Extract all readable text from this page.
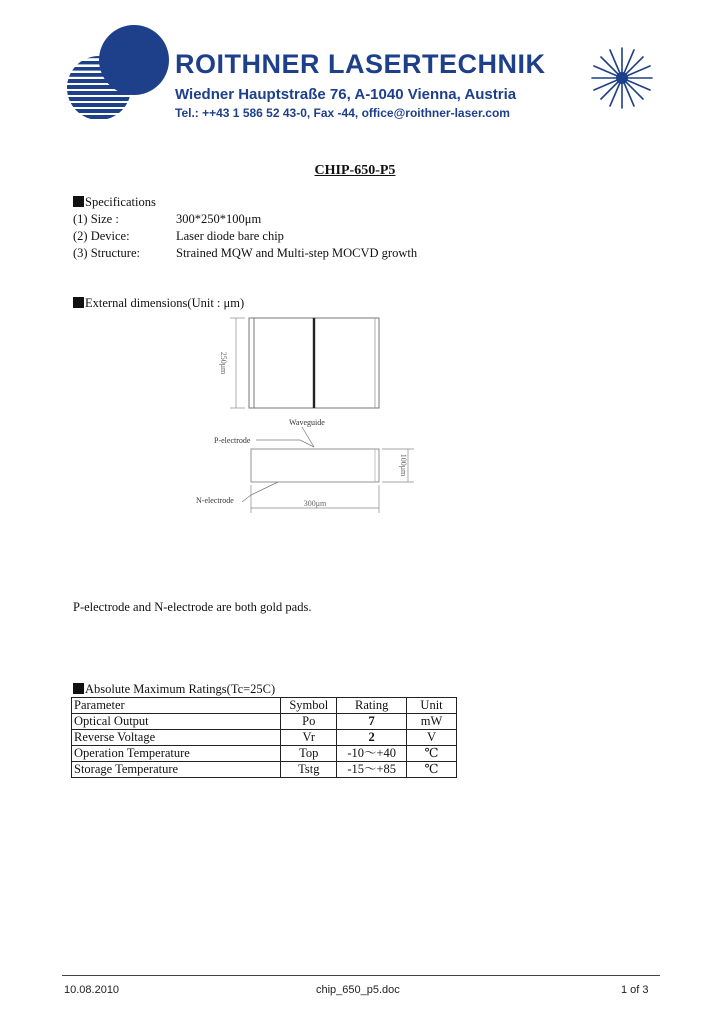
ROITHNER LASERTECHNIK
Wiedner Hauptstraße 76, A-1040 Vienna, Austria
Tel.: ++43 1 586 52 43-0, Fax -44, office@roithner-laser.com
CHIP-650-P5
Specifications
(1) Size :	300*250*100μm
(2) Device:	Laser diode bare chip
(3) Structure:	Strained MQW and Multi-step MOCVD growth
External dimensions(Unit : μm)
250μm
Waveguide
P-electrode
100μm
N-electrode	300μm
P-electrode and N-electrode are both gold pads.
Absolute Maximum Ratings(Tc=25C)
Parameter	Symbol	Rating	Unit
Optical Output	Po	7	mW
Reverse Voltage	Vr	2	V
Operation Temperature	Top	-10～+40	℃
Storage Temperature	Tstg	-15～+85	℃
10.08.2010	chip_650_p5.doc	1 of 3
